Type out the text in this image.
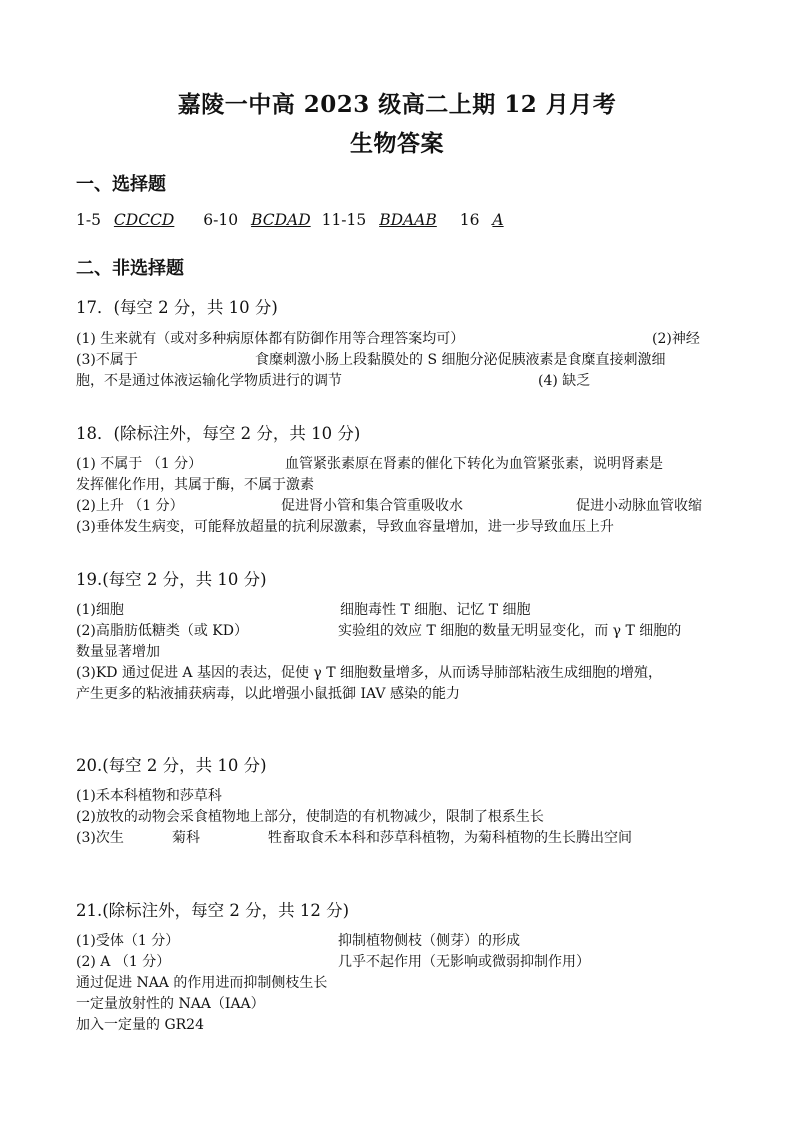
嘉陵一中高 2023 级高二上期 12 月月考
生物答案
一、选择题
1-5 CDCCD 6-10 BCDAD 11-15 BDAAB 16 A
二、非选择题
17．(每空 2 分，共 10 分)
(1) 生来就有（或对多种病原体都有防御作用等合理答案均可）	(2)神经
(3)不属于	食糜刺激小肠上段黏膜处的 S 细胞分泌促胰液素是食糜直接刺激细
胞，不是通过体液运输化学物质进行的调节	(4) 缺乏
18．(除标注外，每空 2 分，共 10 分)
(1) 不属于 （1 分）	血管紧张素原在肾素的催化下转化为血管紧张素，说明肾素是
发挥催化作用，其属于酶，不属于激素
(2)上升 （1 分）	促进肾小管和集合管重吸收水	促进小动脉血管收缩
(3)垂体发生病变，可能释放超量的抗利尿激素，导致血容量增加，进一步导致血压上升
19.(每空 2 分，共 10 分)
(1)细胞	细胞毒性 T 细胞、记忆 T 细胞
(2)高脂肪低糖类（或 KD）	实验组的效应 T 细胞的数量无明显变化，而 γ T 细胞的
数量显著增加
(3)KD 通过促进 A 基因的表达，促使 γ T 细胞数量增多，从而诱导肺部粘液生成细胞的增殖，
产生更多的粘液捕获病毒，以此增强小鼠抵御 IAV 感染的能力
20.(每空 2 分，共 10 分)
(1)禾本科植物和莎草科
(2)放牧的动物会采食植物地上部分，使制造的有机物减少，限制了根系生长
(3)次生	菊科	牲畜取食禾本科和莎草科植物，为菊科植物的生长腾出空间
21.(除标注外，每空 2 分，共 12 分)
(1)受体（1 分）	抑制植物侧枝（侧芽）的形成
(2) A （1 分）	几乎不起作用（无影响或微弱抑制作用）
通过促进 NAA 的作用进而抑制侧枝生长
一定量放射性的 NAA（IAA）
加入一定量的 GR24
